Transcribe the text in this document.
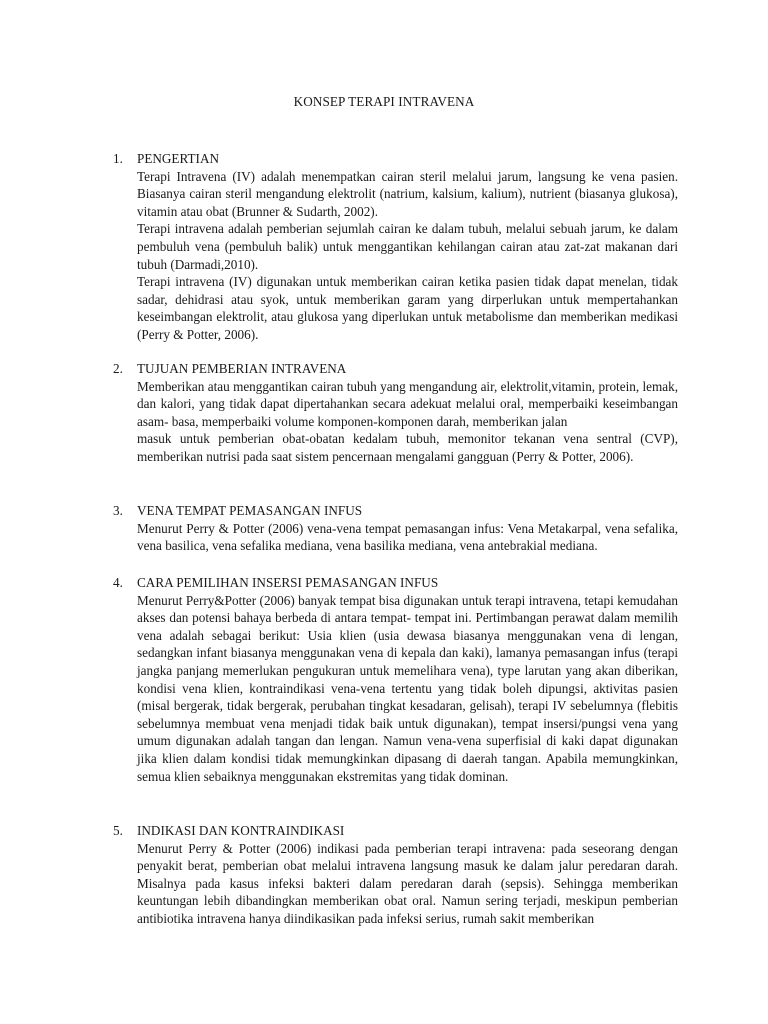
KONSEP TERAPI INTRAVENA
1. PENGERTIAN

Terapi Intravena (IV) adalah menempatkan cairan steril melalui jarum, langsung ke vena pasien. Biasanya cairan steril mengandung elektrolit (natrium, kalsium, kalium), nutrient (biasanya glukosa), vitamin atau obat (Brunner & Sudarth, 2002).

Terapi intravena adalah pemberian sejumlah cairan ke dalam tubuh, melalui sebuah jarum, ke dalam pembuluh vena (pembuluh balik) untuk menggantikan kehilangan cairan atau zat-zat makanan dari tubuh (Darmadi,2010).

Terapi intravena (IV) digunakan untuk memberikan cairan ketika pasien tidak dapat menelan, tidak sadar, dehidrasi atau syok, untuk memberikan garam yang dirperlukan untuk mempertahankan keseimbangan elektrolit, atau glukosa yang diperlukan untuk metabolisme dan memberikan medikasi (Perry & Potter, 2006).

2. TUJUAN PEMBERIAN INTRAVENA

Memberikan atau menggantikan cairan tubuh yang mengandung air, elektrolit,vitamin, protein, lemak, dan kalori, yang tidak dapat dipertahankan secara adekuat melalui oral, memperbaiki keseimbangan asam- basa, memperbaiki volume komponen-komponen darah, memberikan jalan

masuk untuk pemberian obat-obatan kedalam tubuh, memonitor tekanan vena sentral (CVP), memberikan nutrisi pada saat sistem pencernaan mengalami gangguan (Perry & Potter, 2006).

3. VENA TEMPAT PEMASANGAN INFUS

Menurut Perry & Potter (2006) vena-vena tempat pemasangan infus: Vena Metakarpal, vena sefalika, vena basilica, vena sefalika mediana, vena basilika mediana, vena antebrakial mediana.

4. CARA PEMILIHAN INSERSI PEMASANGAN INFUS

Menurut Perry&Potter (2006) banyak tempat bisa digunakan untuk terapi intravena, tetapi kemudahan akses dan potensi bahaya berbeda di antara tempat- tempat ini. Pertimbangan perawat dalam memilih vena adalah sebagai berikut: Usia klien (usia dewasa biasanya menggunakan vena di lengan, sedangkan infant biasanya menggunakan vena di kepala dan kaki), lamanya pemasangan infus (terapi jangka panjang memerlukan pengukuran untuk memelihara vena), type larutan yang akan diberikan, kondisi vena klien, kontraindikasi vena-vena tertentu yang tidak boleh dipungsi, aktivitas pasien (misal bergerak, tidak bergerak, perubahan tingkat kesadaran, gelisah), terapi IV sebelumnya (flebitis sebelumnya membuat vena menjadi tidak baik untuk digunakan), tempat insersi/pungsi vena yang umum digunakan adalah tangan dan lengan. Namun vena-vena superfisial di kaki dapat digunakan jika klien dalam kondisi tidak memungkinkan dipasang di daerah tangan. Apabila memungkinkan, semua klien sebaiknya menggunakan ekstremitas yang tidak dominan.

5. INDIKASI DAN KONTRAINDIKASI

Menurut Perry & Potter (2006) indikasi pada pemberian terapi intravena: pada seseorang dengan penyakit berat, pemberian obat melalui intravena langsung masuk ke dalam jalur peredaran darah. Misalnya pada kasus infeksi bakteri dalam peredaran darah (sepsis). Sehingga memberikan keuntungan lebih dibandingkan memberikan obat oral. Namun sering terjadi, meskipun pemberian antibiotika intravena hanya diindikasikan pada infeksi serius, rumah sakit memberikan
